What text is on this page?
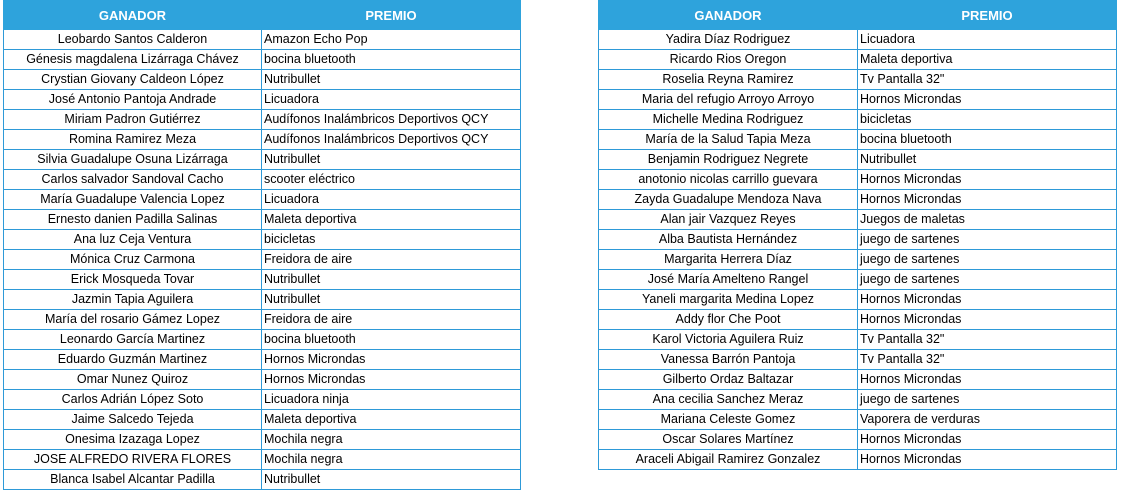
GANADOR	PREMIO
Leobardo Santos Calderon	Amazon Echo Pop
Génesis magdalena Lizárraga Chávez	bocina bluetooth
Crystian Giovany Caldeon López	Nutribullet
José Antonio Pantoja Andrade	Licuadora
Miriam Padron Gutiérrez	Audífonos Inalámbricos Deportivos QCY
Romina Ramirez Meza	Audífonos Inalámbricos Deportivos QCY
Silvia Guadalupe Osuna Lizárraga	Nutribullet
Carlos salvador Sandoval Cacho	scooter eléctrico
María Guadalupe Valencia Lopez	Licuadora
Ernesto danien Padilla Salinas	Maleta deportiva
Ana luz Ceja Ventura	bicicletas
Mónica Cruz Carmona	Freidora de aire
Erick Mosqueda Tovar	Nutribullet
Jazmin Tapia Aguilera	Nutribullet
María del rosario Gámez Lopez	Freidora de aire
Leonardo García Martinez	bocina bluetooth
Eduardo Guzmán Martinez	Hornos Microndas
Omar Nunez Quiroz	Hornos Microndas
Carlos Adrián López Soto	Licuadora ninja
Jaime Salcedo Tejeda	Maleta deportiva
Onesima Izazaga Lopez	Mochila negra
JOSE ALFREDO RIVERA FLORES	Mochila negra
Blanca Isabel Alcantar Padilla	Nutribullet
GANADOR	PREMIO
Yadira Díaz Rodriguez	Licuadora
Ricardo Rios Oregon	Maleta deportiva
Roselia Reyna Ramirez	Tv Pantalla 32"
Maria del refugio Arroyo Arroyo	Hornos Microndas
Michelle Medina Rodriguez	bicicletas
María de la Salud Tapia Meza	bocina bluetooth
Benjamin Rodriguez Negrete	Nutribullet
anotonio nicolas carrillo guevara	Hornos Microndas
Zayda Guadalupe Mendoza Nava	Hornos Microndas
Alan jair Vazquez Reyes	Juegos de maletas
Alba Bautista Hernández	juego de sartenes
Margarita Herrera Díaz	juego de sartenes
José María Amelteno Rangel	juego de sartenes
Yaneli margarita Medina Lopez	Hornos Microndas
Addy flor Che Poot	Hornos Microndas
Karol Victoria Aguilera Ruiz	Tv Pantalla 32"
Vanessa Barrón Pantoja	Tv Pantalla 32"
Gilberto Ordaz Baltazar	Hornos Microndas
Ana cecilia Sanchez Meraz	juego de sartenes
Mariana Celeste Gomez	Vaporera de verduras
Oscar Solares Martínez	Hornos Microndas
Araceli Abigail Ramirez Gonzalez	Hornos Microndas
